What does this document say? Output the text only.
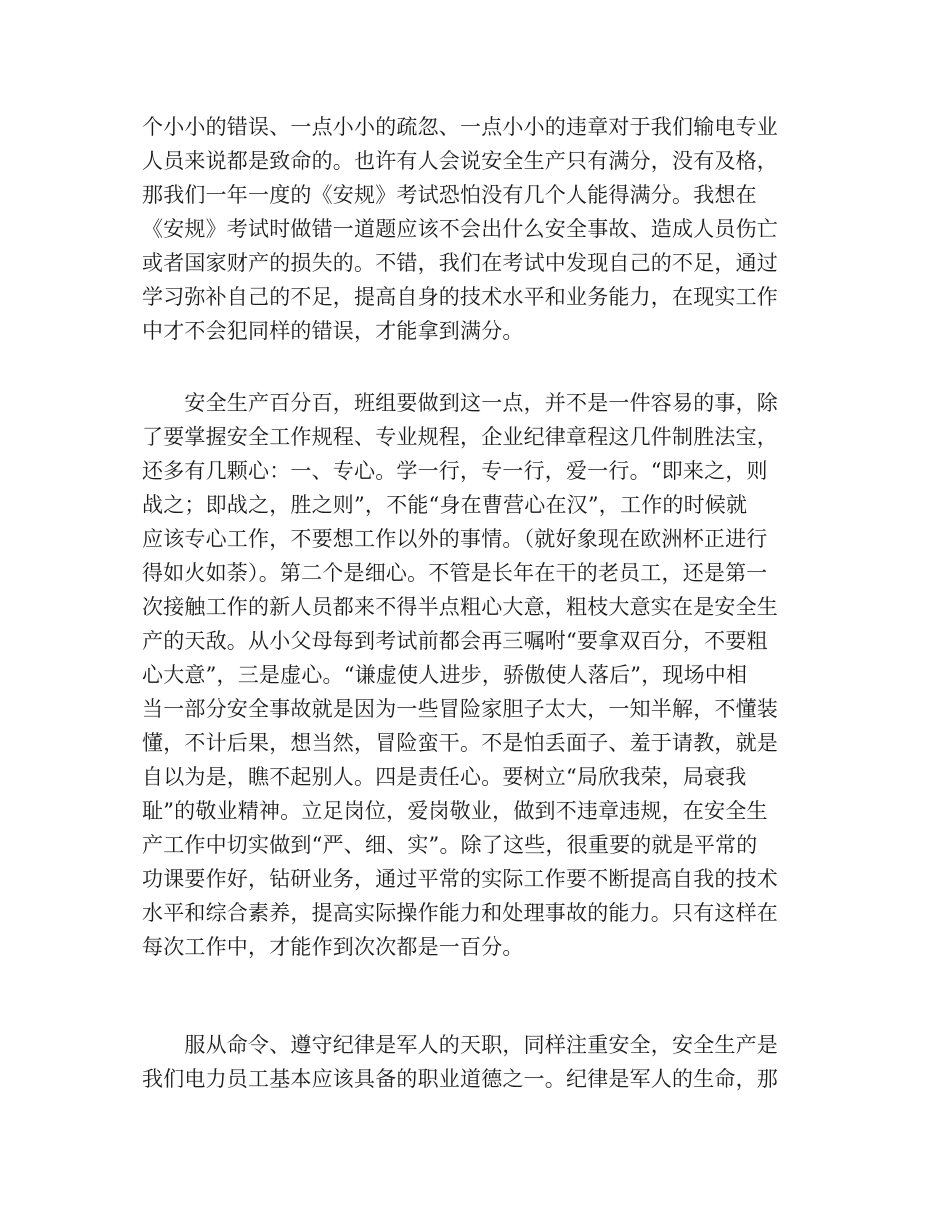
个小小的错误、一点小小的疏忽、一点小小的违章对于我们输电专业
人员来说都是致命的。也许有人会说安全生产只有满分，没有及格，
那我们一年一度的《安规》考试恐怕没有几个人能得满分。我想在
《安规》考试时做错一道题应该不会出什么安全事故、造成人员伤亡
或者国家财产的损失的。不错，我们在考试中发现自己的不足，通过
学习弥补自己的不足，提高自身的技术水平和业务能力，在现实工作
中才不会犯同样的错误，才能拿到满分。

　　安全生产百分百，班组要做到这一点，并不是一件容易的事，除
了要掌握安全工作规程、专业规程，企业纪律章程这几件制胜法宝，
还多有几颗心：一、专心。学一行，专一行，爱一行。“即来之，则
战之；即战之，胜之则”，不能“身在曹营心在汉”，工作的时候就
应该专心工作，不要想工作以外的事情。（就好象现在欧洲杯正进行
得如火如荼）。第二个是细心。不管是长年在干的老员工，还是第一
次接触工作的新人员都来不得半点粗心大意，粗枝大意实在是安全生
产的天敌。从小父母每到考试前都会再三嘱咐“要拿双百分，不要粗
心大意”，三是虚心。“谦虚使人进步，骄傲使人落后”，现场中相
当一部分安全事故就是因为一些冒险家胆子太大，一知半解，不懂装
懂，不计后果，想当然，冒险蛮干。不是怕丢面子、羞于请教，就是
自以为是，瞧不起别人。四是责任心。要树立“局欣我荣，局衰我
耻”的敬业精神。立足岗位，爱岗敬业，做到不违章违规，在安全生
产工作中切实做到“严、细、实”。除了这些，很重要的就是平常的
功课要作好，钻研业务，通过平常的实际工作要不断提高自我的技术
水平和综合素养，提高实际操作能力和处理事故的能力。只有这样在
每次工作中，才能作到次次都是一百分。

　　服从命令、遵守纪律是军人的天职，同样注重安全，安全生产是
我们电力员工基本应该具备的职业道德之一。纪律是军人的生命，那
